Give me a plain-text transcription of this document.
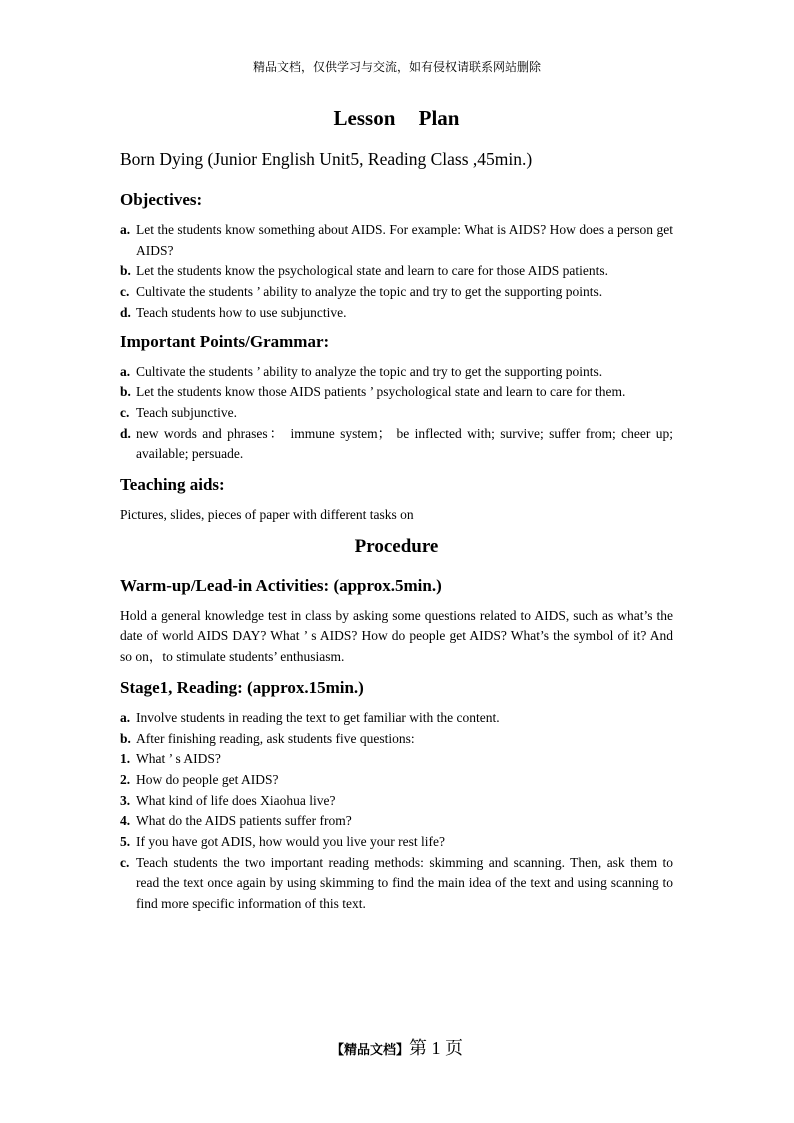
精品文档，仅供学习与交流，如有侵权请联系网站删除
Lesson Plan
Born Dying (Junior English Unit5, Reading Class ,45min.)
Objectives:
a. Let the students know something about AIDS. For example: What is AIDS? How does a person get AIDS?
b. Let the students know the psychological state and learn to care for those AIDS patients.
c. Cultivate the students ’ ability to analyze the topic and try to get the supporting points.
d. Teach students how to use subjunctive.
Important Points/Grammar:
a. Cultivate the students ’ ability to analyze the topic and try to get the supporting points.
b. Let the students know those AIDS patients ’ psychological state and learn to care for them.
c. Teach subjunctive.
d. new words and phrases： immune system； be inflected with; survive; suffer from; cheer up; available; persuade.
Teaching aids:

Pictures, slides, pieces of paper with different tasks on

Procedure
Warm-up/Lead-in Activities: (approx.5min.)

Hold a general knowledge test in class by asking some questions related to AIDS, such as what’s the date of world AIDS DAY? What ’ s AIDS? How do people get AIDS? What’s the symbol of it? And so on，to stimulate students’ enthusiasm.

Stage1, Reading: (approx.15min.)
a. Involve students in reading the text to get familiar with the content.
b. After finishing reading, ask students five questions:
1. What ’ s AIDS?
2. How do people get AIDS?
3. What kind of life does Xiaohua live?
4. What do the AIDS patients suffer from?
5. If you have got ADIS, how would you live your rest life?
c. Teach students the two important reading methods: skimming and scanning. Then, ask them to read the text once again by using skimming to find the main idea of the text and using scanning to find more specific information of this text.
【精品文档】第 1 页
